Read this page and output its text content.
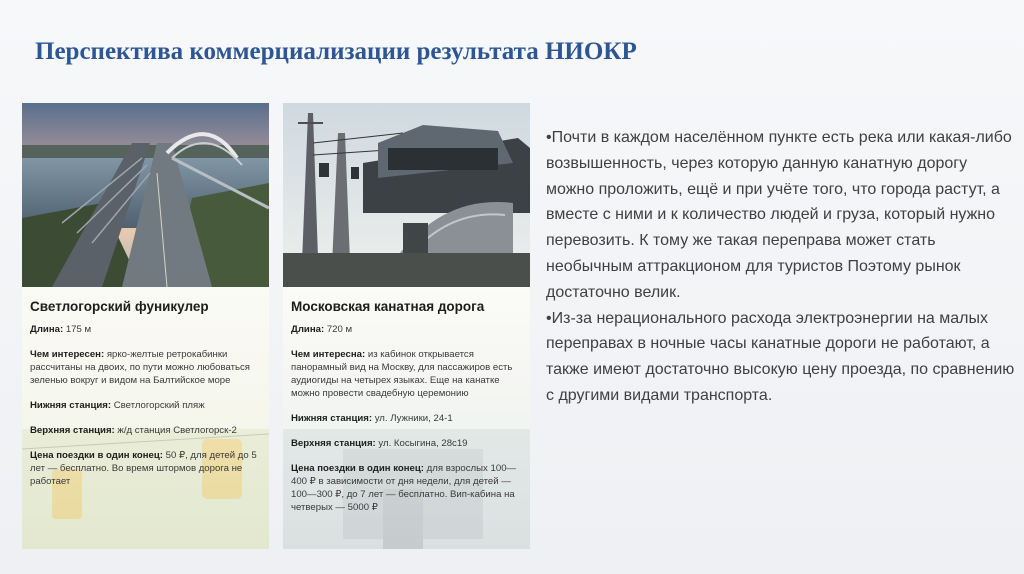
Перспектива коммерциализации результата НИОКР
Светлогорский фуникулер
Длина: 175 м
Чем интересен: ярко-желтые ретрокабинки рассчитаны на двоих, по пути можно любоваться зеленью вокруг и видом на Балтийское море
Нижняя станция: Светлогорский пляж
Верхняя станция: ж/д станция Светлогорск-2
Цена поездки в один конец: 50 ₽, для детей до 5 лет — бесплатно. Во время штормов дорога не работает
Московская канатная дорога
Длина: 720 м
Чем интересна: из кабинок открывается панорамный вид на Москву, для пассажиров есть аудиогиды на четырех языках. Еще на канатке можно провести свадебную церемонию
Нижняя станция: ул. Лужники, 24-1
Верхняя станция: ул. Косыгина, 28с19
Цена поездки в один конец: для взрослых 100—400 ₽ в зависимости от дня недели, для детей — 100—300 ₽, до 7 лет — бесплатно. Вип-кабина на четверых — 5000 ₽

•Почти в каждом населённом пункте есть река или какая-либо возвышенность, через которую данную канатную дорогу можно проложить, ещё и при учёте того, что города растут, а вместе с ними и к количество людей и груза, который нужно перевозить. К тому же такая переправа может стать необычным аттракционом для туристов Поэтому рынок достаточно велик.

•Из-за нерационального расхода электроэнергии на малых переправах в ночные часы канатные дороги не работают, а также имеют достаточно высокую цену проезда, по сравнению с другими видами транспорта.
